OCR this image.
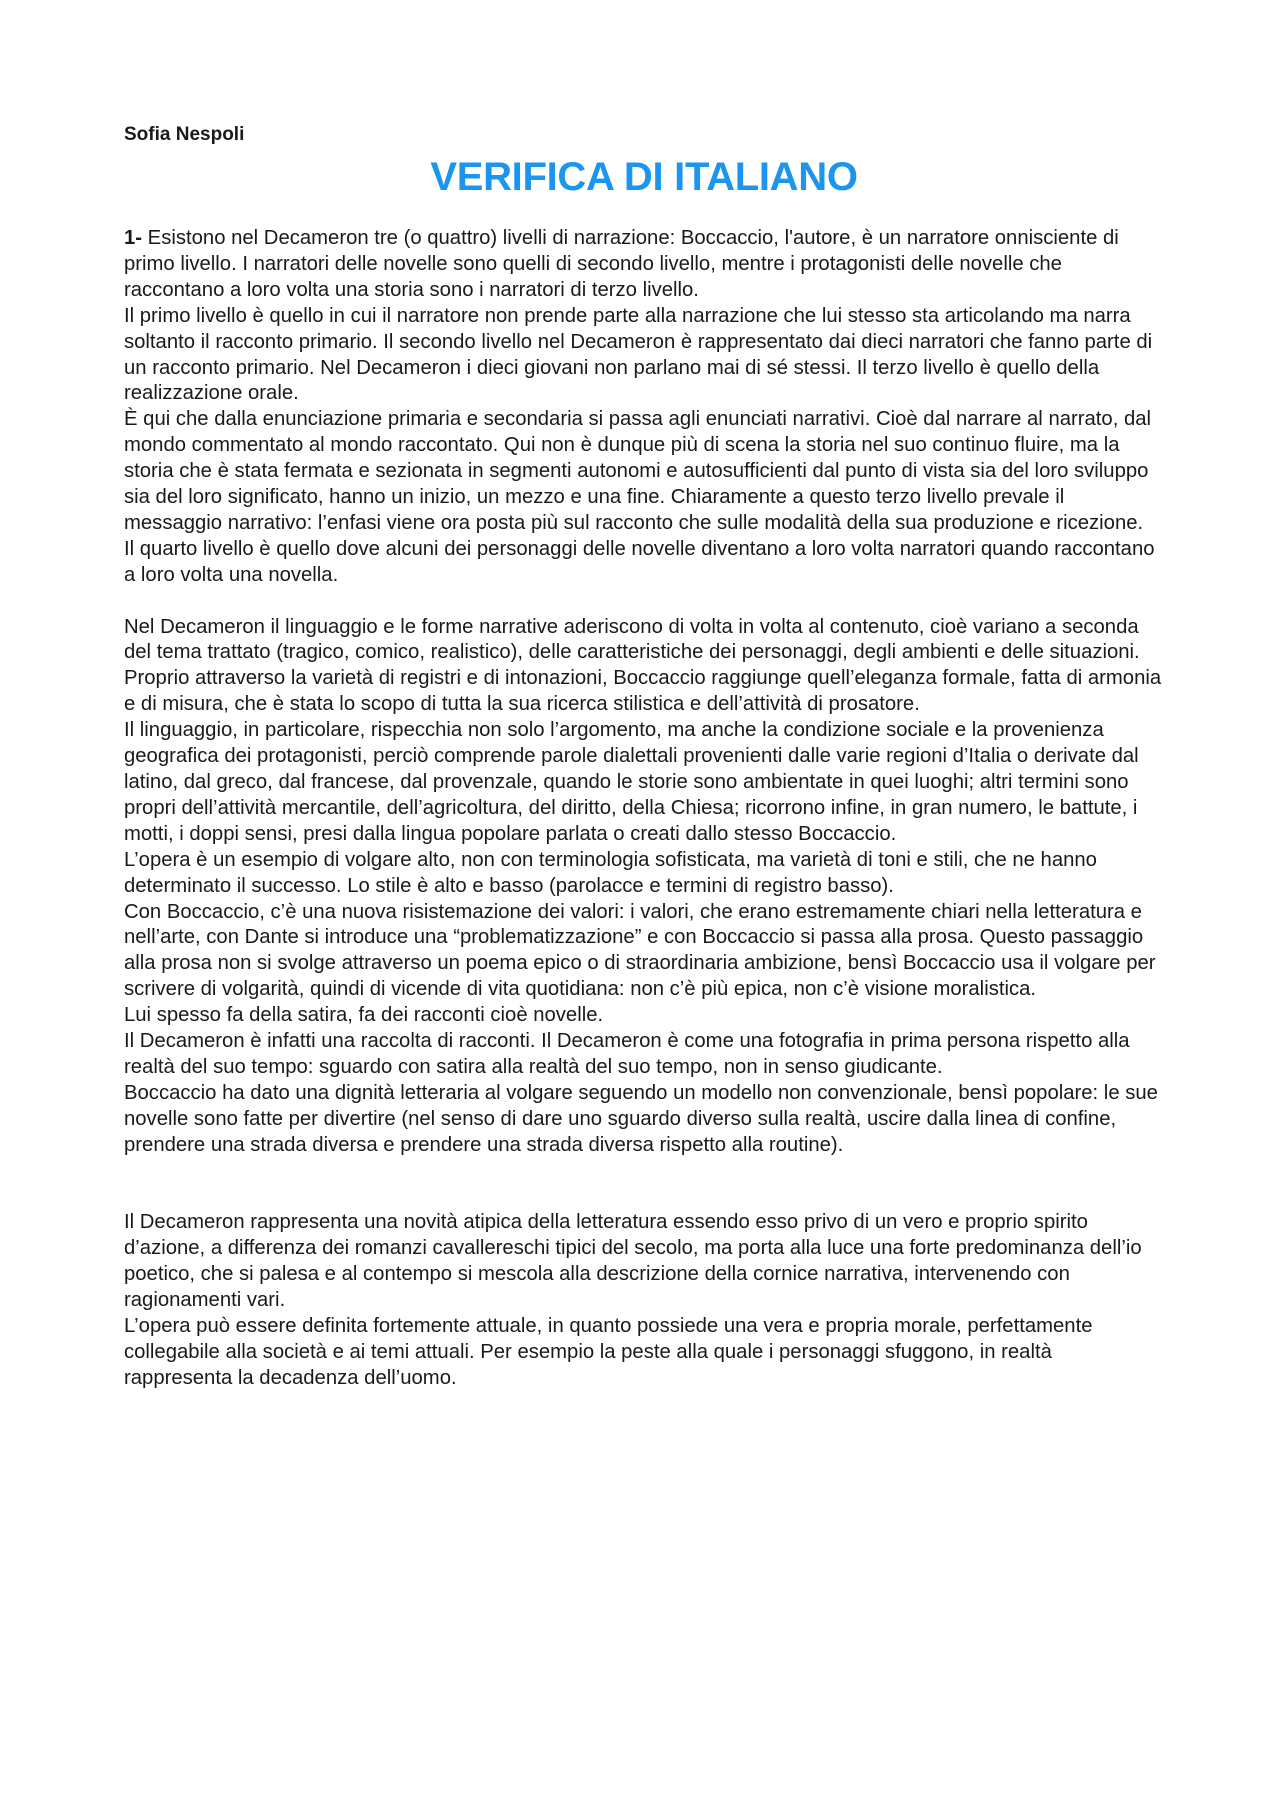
Sofia Nespoli

VERIFICA DI ITALIANO

1- Esistono nel Decameron tre (o quattro) livelli di narrazione: Boccaccio, l'autore, è un narratore onnisciente di primo livello. I narratori delle novelle sono quelli di secondo livello, mentre i protagonisti delle novelle che raccontano a loro volta una storia sono i narratori di terzo livello.

Il primo livello è quello in cui il narratore non prende parte alla narrazione che lui stesso sta articolando ma narra soltanto il racconto primario. Il secondo livello nel Decameron è rappresentato dai dieci narratori che fanno parte di un racconto primario. Nel Decameron i dieci giovani non parlano mai di sé stessi. Il terzo livello è quello della realizzazione orale.

È qui che dalla enunciazione primaria e secondaria si passa agli enunciati narrativi. Cioè dal narrare al narrato, dal mondo commentato al mondo raccontato. Qui non è dunque più di scena la storia nel suo continuo fluire, ma la storia che è stata fermata e sezionata in segmenti autonomi e autosufficienti dal punto di vista sia del loro sviluppo sia del loro significato, hanno un inizio, un mezzo e una fine. Chiaramente a questo terzo livello prevale il messaggio narrativo: l’enfasi viene ora posta più sul racconto che sulle modalità della sua produzione e ricezione.

Il quarto livello è quello dove alcuni dei personaggi delle novelle diventano a loro volta narratori quando raccontano a loro volta una novella.

Nel Decameron il linguaggio e le forme narrative aderiscono di volta in volta al contenuto, cioè variano a seconda del tema trattato (tragico, comico, realistico), delle caratteristiche dei personaggi, degli ambienti e delle situazioni. Proprio attraverso la varietà di registri e di intonazioni, Boccaccio raggiunge quell’eleganza formale, fatta di armonia e di misura, che è stata lo scopo di tutta la sua ricerca stilistica e dell’attività di prosatore.

Il linguaggio, in particolare, rispecchia non solo l’argomento, ma anche la condizione sociale e la provenienza geografica dei protagonisti, perciò comprende parole dialettali provenienti dalle varie regioni d’Italia o derivate dal latino, dal greco, dal francese, dal provenzale, quando le storie sono ambientate in quei luoghi; altri termini sono propri dell’attività mercantile, dell’agricoltura, del diritto, della Chiesa; ricorrono infine, in gran numero, le battute, i motti, i doppi sensi, presi dalla lingua popolare parlata o creati dallo stesso Boccaccio.

L’opera è un esempio di volgare alto, non con terminologia sofisticata, ma varietà di toni e stili, che ne hanno determinato il successo. Lo stile è alto e basso (parolacce e termini di registro basso).

Con Boccaccio, c’è una nuova risistemazione dei valori: i valori, che erano estremamente chiari nella letteratura e nell’arte, con Dante si introduce una “problematizzazione” e con Boccaccio si passa alla prosa. Questo passaggio alla prosa non si svolge attraverso un poema epico o di straordinaria ambizione, bensì Boccaccio usa il volgare per scrivere di volgarità, quindi di vicende di vita quotidiana: non c’è più epica, non c’è visione moralistica.

Lui spesso fa della satira, fa dei racconti cioè novelle.

Il Decameron è infatti una raccolta di racconti. Il Decameron è come una fotografia in prima persona rispetto alla realtà del suo tempo: sguardo con satira alla realtà del suo tempo, non in senso giudicante.

Boccaccio ha dato una dignità letteraria al volgare seguendo un modello non convenzionale, bensì popolare: le sue novelle sono fatte per divertire (nel senso di dare uno sguardo diverso sulla realtà, uscire dalla linea di confine, prendere una strada diversa e prendere una strada diversa rispetto alla routine).

Il Decameron rappresenta una novità atipica della letteratura essendo esso privo di un vero e proprio spirito d’azione, a differenza dei romanzi cavallereschi tipici del secolo, ma porta alla luce una forte predominanza dell’io poetico, che si palesa e al contempo si mescola alla descrizione della cornice narrativa, intervenendo con ragionamenti vari.

L’opera può essere definita fortemente attuale, in quanto possiede una vera e propria morale, perfettamente collegabile alla società e ai temi attuali. Per esempio la peste alla quale i personaggi sfuggono, in realtà rappresenta la decadenza dell’uomo.
